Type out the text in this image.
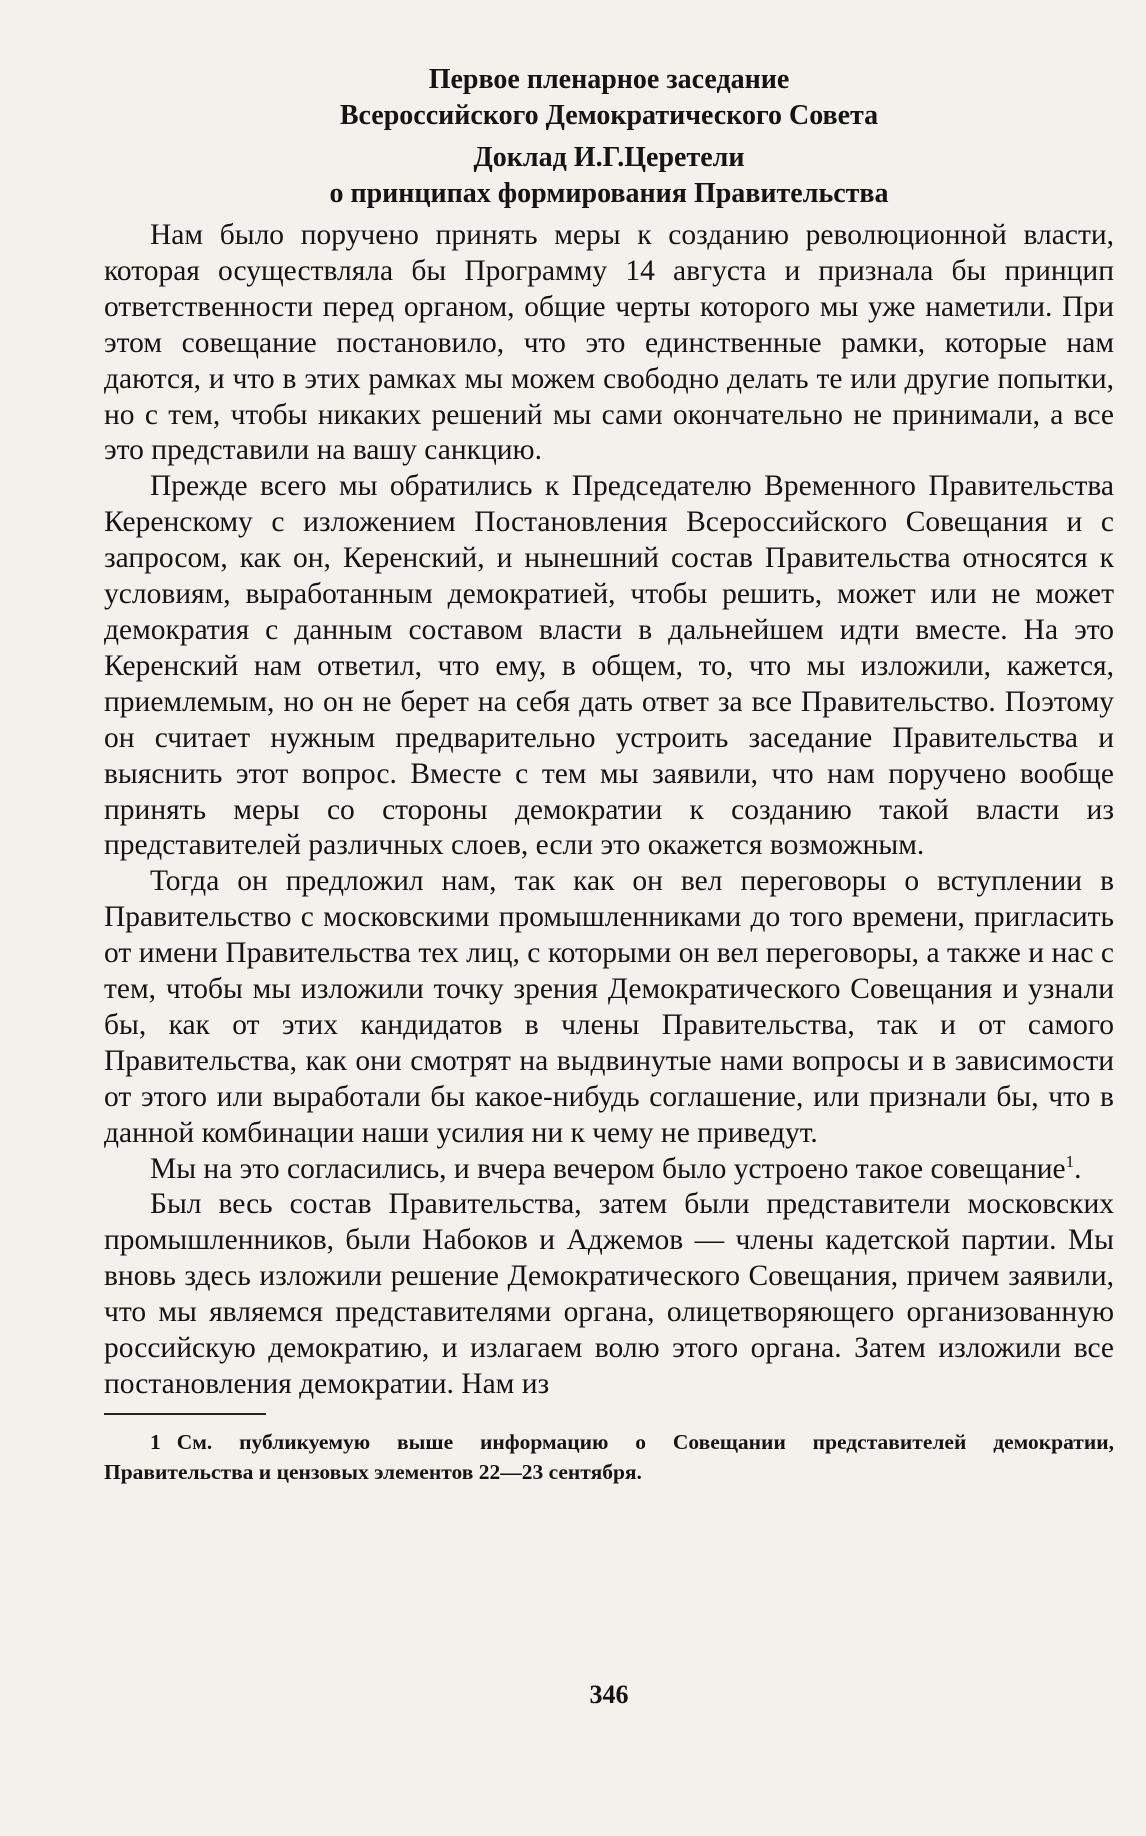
Первое пленарное заседание
Всероссийского Демократического Совета
Доклад И.Г.Церетели
о принципах формирования Правительства

Нам было поручено принять меры к созданию революционной власти, которая осуществляла бы Программу 14 августа и признала бы принцип ответственности перед органом, общие черты которого мы уже наметили. При этом совещание постановило, что это единственные рамки, которые нам даются, и что в этих рамках мы можем свободно делать те или другие попытки, но с тем, чтобы никаких решений мы сами окончательно не принимали, а все это представили на вашу санкцию.

Прежде всего мы обратились к Председателю Временного Правительства Керенскому с изложением Постановления Всероссийского Совещания и с запросом, как он, Керенский, и нынешний состав Правительства относятся к условиям, выработанным демократией, чтобы решить, может или не может демократия с данным составом власти в дальнейшем идти вместе. На это Керенский нам ответил, что ему, в общем, то, что мы изложили, кажется, приемлемым, но он не берет на себя дать ответ за все Правительство. Поэтому он считает нужным предварительно устроить заседание Правительства и выяснить этот вопрос. Вместе с тем мы заявили, что нам поручено вообще принять меры со стороны демократии к созданию такой власти из представителей различных слоев, если это окажется возможным.

Тогда он предложил нам, так как он вел переговоры о вступлении в Правительство с московскими промышленниками до того времени, пригласить от имени Правительства тех лиц, с которыми он вел переговоры, а также и нас с тем, чтобы мы изложили точку зрения Демократического Совещания и узнали бы, как от этих кандидатов в члены Правительства, так и от самого Правительства, как они смотрят на выдвинутые нами вопросы и в зависимости от этого или выработали бы какое-нибудь соглашение, или признали бы, что в данной комбинации наши усилия ни к чему не приведут.

Мы на это согласились, и вчера вечером было устроено такое совещание$^1$.

Был весь состав Правительства, затем были представители московских промышленников, были Набоков и Аджемов — члены кадетской партии. Мы вновь здесь изложили решение Демократического Совещания, причем заявили, что мы являемся представителями органа, олицетворяющего организованную российскую демократию, и излагаем волю этого органа. Затем изложили все постановления демократии. Нам из

1 См. публикуемую выше информацию о Совещании представителей демократии, Правительства и цензовых элементов 22—23 сентября.
346
